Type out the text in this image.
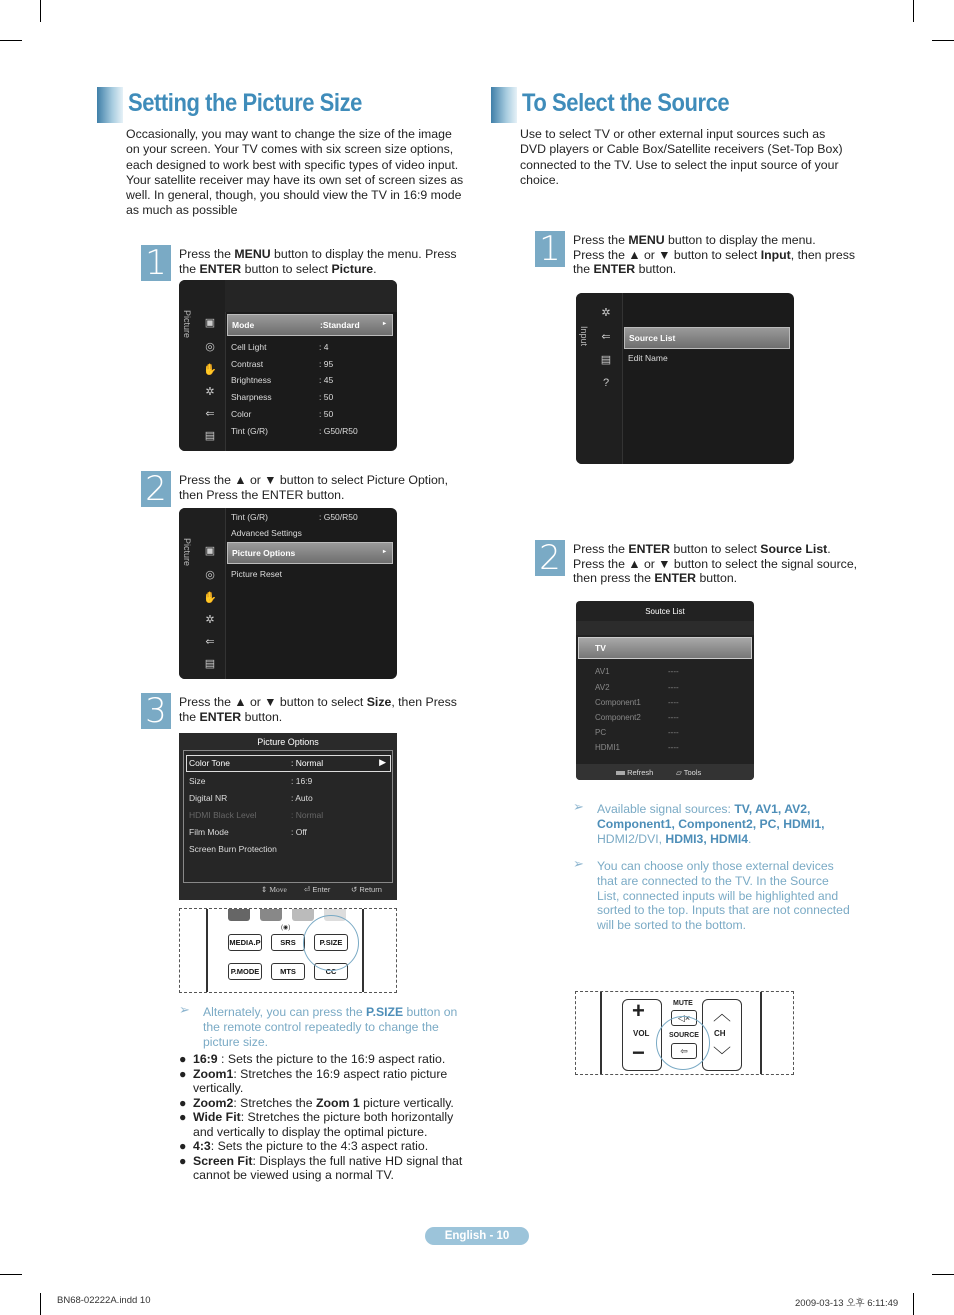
Setting the Picture Size
Occasionally, you may want to change the size of the image on your screen. Your TV comes with six screen size options, each designed to work best with specific types of video input. Your satellite receiver may have its own set of screen sizes as well. In general, though, you should view the TV in 16:9 mode as much as possible
1 Press the MENU button to display the menu. Press the ENTER button to select Picture.
Picture ▣
◎
✋
✲
⇐
▤
Mode	:Standard	▸
Cell Light	: 4
Contrast	: 95
Brightness	: 45
Sharpness	: 50
Color	: 50
Tint (G/R)	: G50/R50
2 Press the ▲ or ▼ button to select Picture Option, then Press the ENTER button.
Picture ▣
◎
✋
✲
⇐
▤
Tint (G/R)	: G50/R50
Advanced Settings
Picture Options	▸
Picture Reset
3 Press the ▲ or ▼ button to select Size, then Press the ENTER button.
Picture Options
Color Tone	: Normal	▶
Size	: 16:9
Digital NR	: Auto
HDMI Black Level	: Normal
Film Mode	: Off
Screen Burn Protection
⇕ Move ⏎ Enter	↺ Return
(◉)
MEDIA.P	SRS	P.SIZE
P.MODE	MTS	CC
➢ Alternately, you can press the P.SIZE button on the remote control repeatedly to change the picture size.
● 16:9 : Sets the picture to the 16:9 aspect ratio.
● Zoom1: Stretches the 16:9 aspect ratio picture vertically.
● Zoom2: Stretches the Zoom 1 picture vertically.
● Wide Fit: Stretches the picture both horizontally and vertically to display the optimal picture.
● 4:3: Sets the picture to the 4:3 aspect ratio.
● Screen Fit: Displays the full native HD signal that cannot be viewed using a normal TV.
To Select the Source
Use to select TV or other external input sources such as DVD players or Cable Box/Satellite receivers (Set-Top Box) connected to the TV. Use to select the input source of your choice.
1 Press the MENU button to display the menu.
Press the ▲ or ▼ button to select Input, then press
the ENTER button.
Input
✲
⇐
▤
?
Source List
Edit Name
2 Press the ENTER button to select Source List.
Press the ▲ or ▼ button to select the signal source,
then press the ENTER button.
Soutce List
TV
AV1	----
AV2	----
Component1	----
Component2	----
PC	----
HDMI1	----
Refresh	▱ Tools
➢ Available signal sources: TV, AV1, AV2, Component1, Component2, PC, HDMI1, HDMI2/DVI, HDMI3, HDMI4.
➢ You can choose only those external devices that are connected to the TV. In the Source List, connected inputs will be highlighted and sorted to the top. Inputs that are not connected will be sorted to the bottom.
+
VOL
−
︿
CH
﹀
MUTE
◁×
SOURCE
⇦
English - 10
BN68-02222A.indd 10	2009-03-13 오후 6:11:49
